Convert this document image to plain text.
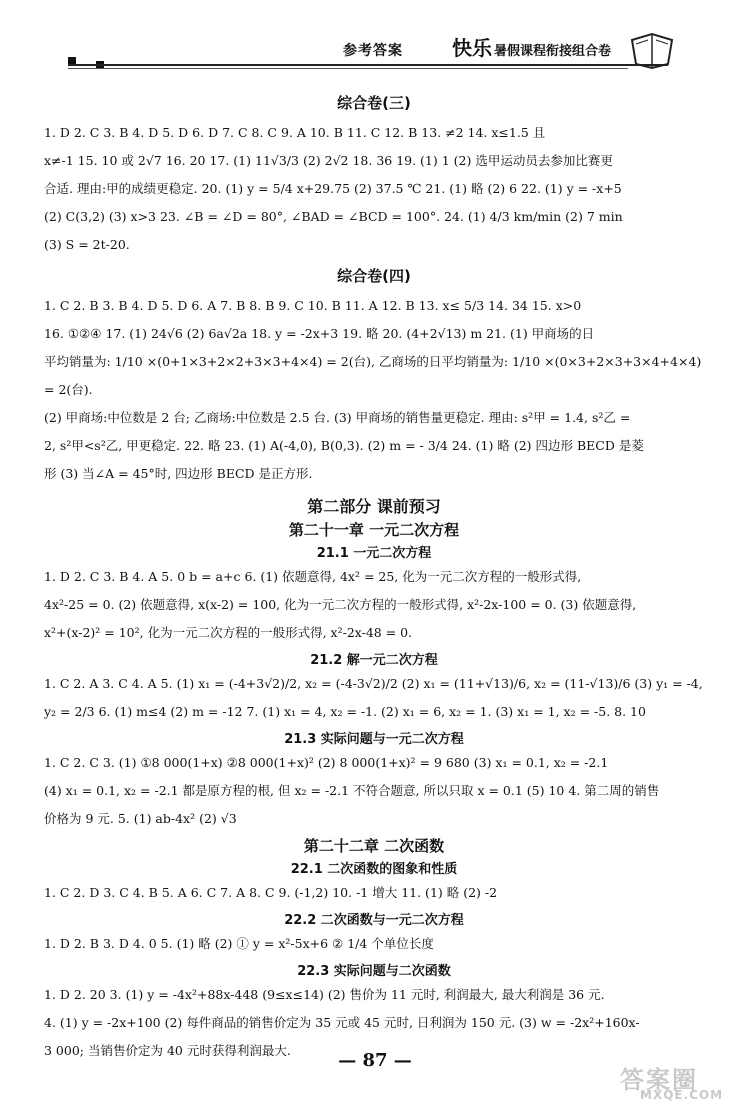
参考答案 快乐 暑假课程衔接组合卷
综合卷(三)
1. D 2. C 3. B 4. D 5. D 6. D 7. C 8. C 9. A 10. B 11. C 12. B 13. ≠2 14. x≤1.5 且
x≠-1 15. 10 或 2√7 16. 20 17. (1) 11√3/3 (2) 2√2 18. 36 19. (1) 1 (2) 选甲运动员去参加比赛更
合适. 理由:甲的成绩更稳定. 20. (1) y = 5/4 x+29.75 (2) 37.5 ℃ 21. (1) 略 (2) 6 22. (1) y = -x+5
(2) C(3,2) (3) x>3 23. ∠B = ∠D = 80°, ∠BAD = ∠BCD = 100°. 24. (1) 4/3 km/min (2) 7 min
(3) S = 2t-20.
综合卷(四)
1. C 2. B 3. B 4. D 5. D 6. A 7. B 8. B 9. C 10. B 11. A 12. B 13. x≤ 5/3 14. 34 15. x>0
16. ①②④ 17. (1) 24√6 (2) 6a√2a 18. y = -2x+3 19. 略 20. (4+2√13) m 21. (1) 甲商场的日
平均销量为: 1/10 ×(0+1×3+2×2+3×3+4×4) = 2(台), 乙商场的日平均销量为: 1/10 ×(0×3+2×3+3×4+4×4) = 2(台).
(2) 甲商场:中位数是 2 台; 乙商场:中位数是 2.5 台. (3) 甲商场的销售量更稳定. 理由: s²甲 = 1.4, s²乙 =
2, s²甲<s²乙, 甲更稳定. 22. 略 23. (1) A(-4,0), B(0,3). (2) m = - 3/4 24. (1) 略 (2) 四边形 BECD 是菱
形 (3) 当∠A = 45°时, 四边形 BECD 是正方形.
第二部分 课前预习
第二十一章 一元二次方程
21.1 一元二次方程
1. D 2. C 3. B 4. A 5. 0 b = a+c 6. (1) 依题意得, 4x² = 25, 化为一元二次方程的一般形式得,
4x²-25 = 0. (2) 依题意得, x(x-2) = 100, 化为一元二次方程的一般形式得, x²-2x-100 = 0. (3) 依题意得,
x²+(x-2)² = 10², 化为一元二次方程的一般形式得, x²-2x-48 = 0.
21.2 解一元二次方程
1. C 2. A 3. C 4. A 5. (1) x₁ = (-4+3√2)/2, x₂ = (-4-3√2)/2 (2) x₁ = (11+√13)/6, x₂ = (11-√13)/6 (3) y₁ = -4,
y₂ = 2/3 6. (1) m≤4 (2) m = -12 7. (1) x₁ = 4, x₂ = -1. (2) x₁ = 6, x₂ = 1. (3) x₁ = 1, x₂ = -5. 8. 10
21.3 实际问题与一元二次方程
1. C 2. C 3. (1) ①8 000(1+x) ②8 000(1+x)² (2) 8 000(1+x)² = 9 680 (3) x₁ = 0.1, x₂ = -2.1
(4) x₁ = 0.1, x₂ = -2.1 都是原方程的根, 但 x₂ = -2.1 不符合题意, 所以只取 x = 0.1 (5) 10 4. 第二周的销售
价格为 9 元. 5. (1) ab-4x² (2) √3
第二十二章 二次函数
22.1 二次函数的图象和性质
1. C 2. D 3. C 4. B 5. A 6. C 7. A 8. C 9. (-1,2) 10. -1 增大 11. (1) 略 (2) -2
22.2 二次函数与一元二次方程
1. D 2. B 3. D 4. 0 5. (1) 略 (2) ① y = x²-5x+6 ② 1/4 个单位长度
22.3 实际问题与二次函数
1. D 2. 20 3. (1) y = -4x²+88x-448 (9≤x≤14) (2) 售价为 11 元时, 利润最大, 最大利润是 36 元.
4. (1) y = -2x+100 (2) 每件商品的销售价定为 35 元或 45 元时, 日利润为 150 元. (3) w = -2x²+160x-
3 000; 当销售价定为 40 元时获得利润最大.	— 87 —
答案圈
MXQE.COM
